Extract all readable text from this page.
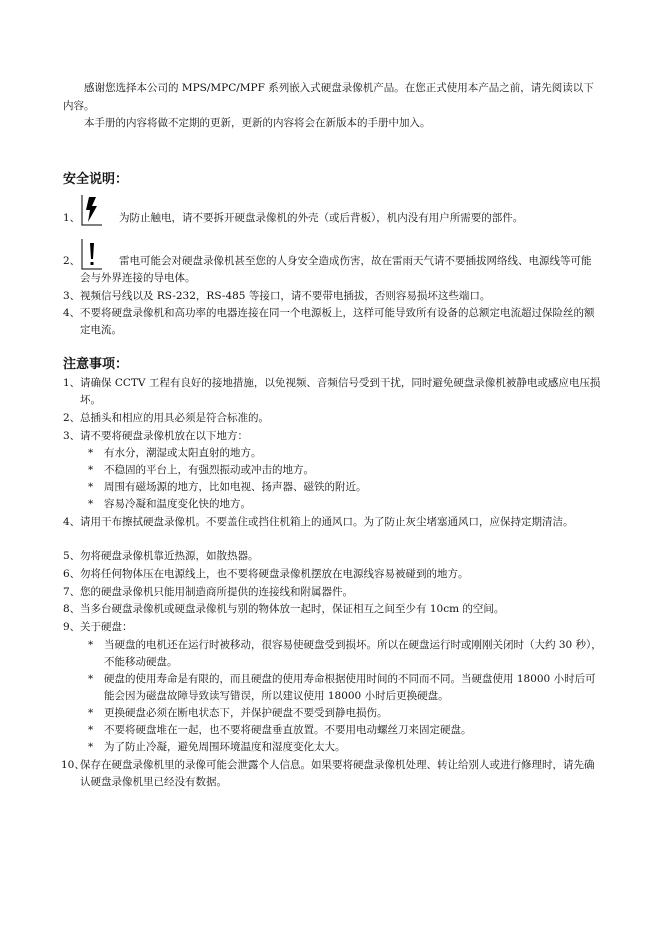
感谢您选择本公司的 MPS/MPC/MPF 系列嵌入式硬盘录像机产品。在您正式使用本产品之前，请先阅读以下内容。
本手册的内容将做不定期的更新，更新的内容将会在新版本的手册中加入。
安全说明：
1、	为防止触电，请不要拆开硬盘录像机的外壳（或后背板），机内没有用户所需要的部件。
2、	雷电可能会对硬盘录像机甚至您的人身安全造成伤害，故在雷雨天气请不要插拔网络线、电源线等可能会与外界连接的导电体。
3、 视频信号线以及 RS-232，RS-485 等接口，请不要带电插拔，否则容易损坏这些端口。
4、 不要将硬盘录像机和高功率的电器连接在同一个电源板上，这样可能导致所有设备的总额定电流超过保险丝的额定电流。
注意事项：
1、 请确保 CCTV 工程有良好的接地措施，以免视频、音频信号受到干扰，同时避免硬盘录像机被静电或感应电压损坏。
2、 总插头和相应的用具必须是符合标准的。
3、 请不要将硬盘录像机放在以下地方：
* 有水分，潮湿或太阳直射的地方。
* 不稳固的平台上，有强烈振动或冲击的地方。
* 周围有磁场源的地方，比如电视、扬声器、磁铁的附近。
* 容易冷凝和温度变化快的地方。
4、 请用干布擦拭硬盘录像机。不要盖住或挡住机箱上的通风口。为了防止灰尘堵塞通风口，应保持定期清洁。
5、 勿将硬盘录像机靠近热源，如散热器。
6、 勿将任何物体压在电源线上，也不要将硬盘录像机摆放在电源线容易被碰到的地方。
7、 您的硬盘录像机只能用制造商所提供的连接线和附属器件。
8、 当多台硬盘录像机或硬盘录像机与别的物体放一起时，保证相互之间至少有 10cm 的空间。
9、 关于硬盘：
* 当硬盘的电机还在运行时被移动，很容易使硬盘受到损坏。所以在硬盘运行时或刚刚关闭时（大约 30 秒），不能移动硬盘。
* 硬盘的使用寿命是有限的，而且硬盘的使用寿命根据使用时间的不同而不同。当硬盘使用 18000 小时后可能会因为磁盘故障导致读写错误，所以建议使用 18000 小时后更换硬盘。
* 更换硬盘必须在断电状态下，并保护硬盘不要受到静电损伤。
* 不要将硬盘堆在一起，也不要将硬盘垂直放置。不要用电动螺丝刀来固定硬盘。
* 为了防止冷凝，避免周围环境温度和湿度变化太大。
10、
保存在硬盘录像机里的录像可能会泄露个人信息。如果要将硬盘录像机处理、转让给别人或进行修理时，请先确认硬盘录像机里已经没有数据。
